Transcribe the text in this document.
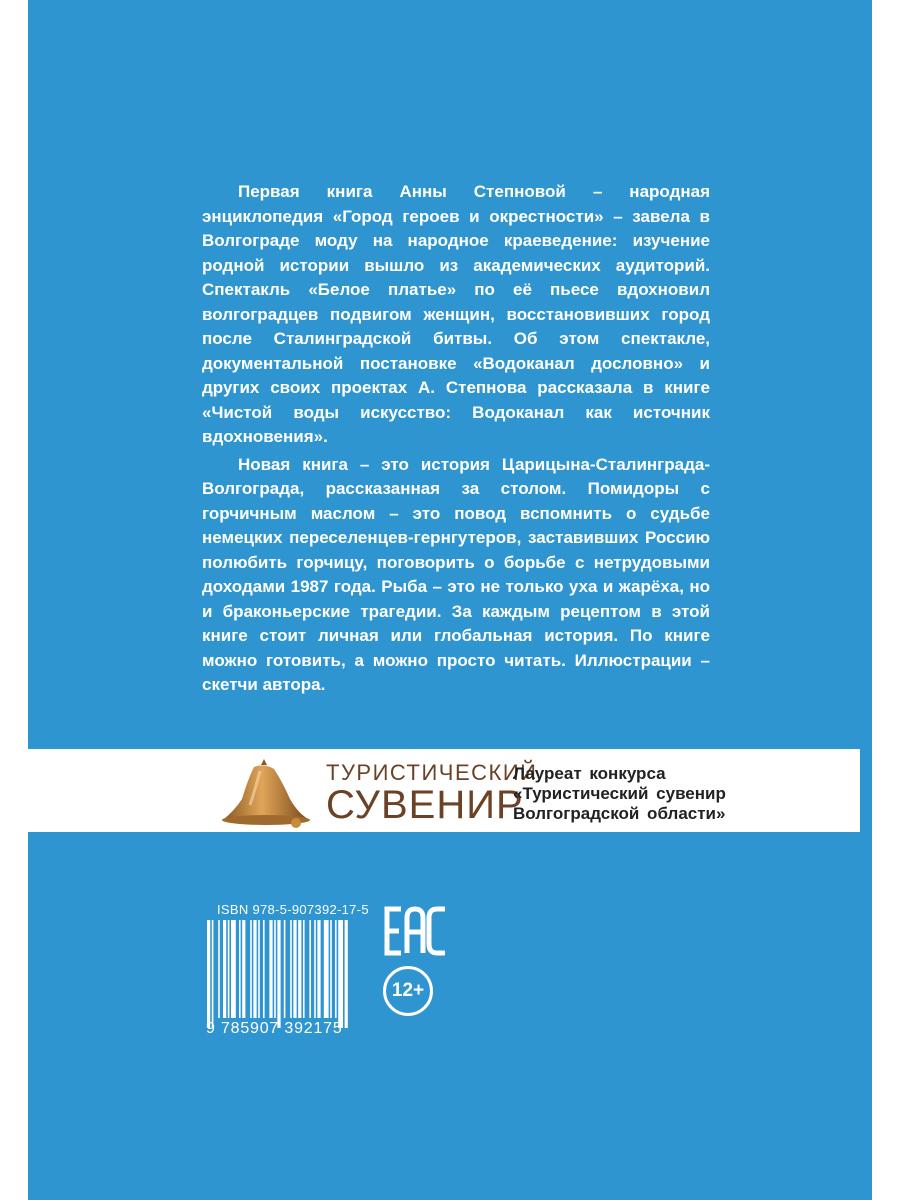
Первая книга Анны Степновой – народная энциклопедия «Город героев и окрестности» – завела в Волгограде моду на народное краеведение: изучение родной истории вышло из академических аудиторий. Спектакль «Белое платье» по её пьесе вдохновил волгоградцев подвигом женщин, восстановивших город после Сталинградской битвы. Об этом спектакле, документальной постановке «Водоканал дословно» и других своих проектах А. Степнова рассказала в книге «Чистой воды искусство: Водоканал как источник вдохновения».

Новая книга – это история Царицына-Сталинграда-Волгограда, рассказанная за столом. Помидоры с горчичным маслом – это повод вспомнить о судьбе немецких переселенцев-гернгутеров, заставивших Россию полюбить горчицу, поговорить о борьбе с нетрудовыми доходами 1987 года. Рыба – это не только уха и жарёха, но и браконьерские трагедии. За каждым рецептом в этой книге стоит личная или глобальная история. По книге можно готовить, а можно просто читать. Иллюстрации – скетчи автора.

ТУРИСТИЧЕСКИЙ
СУВЕНИР
Лауреат конкурса
«Туристический сувенир
Волгоградской области»
ISBN 978-5-907392-17-5
9 785907 392175
12+
